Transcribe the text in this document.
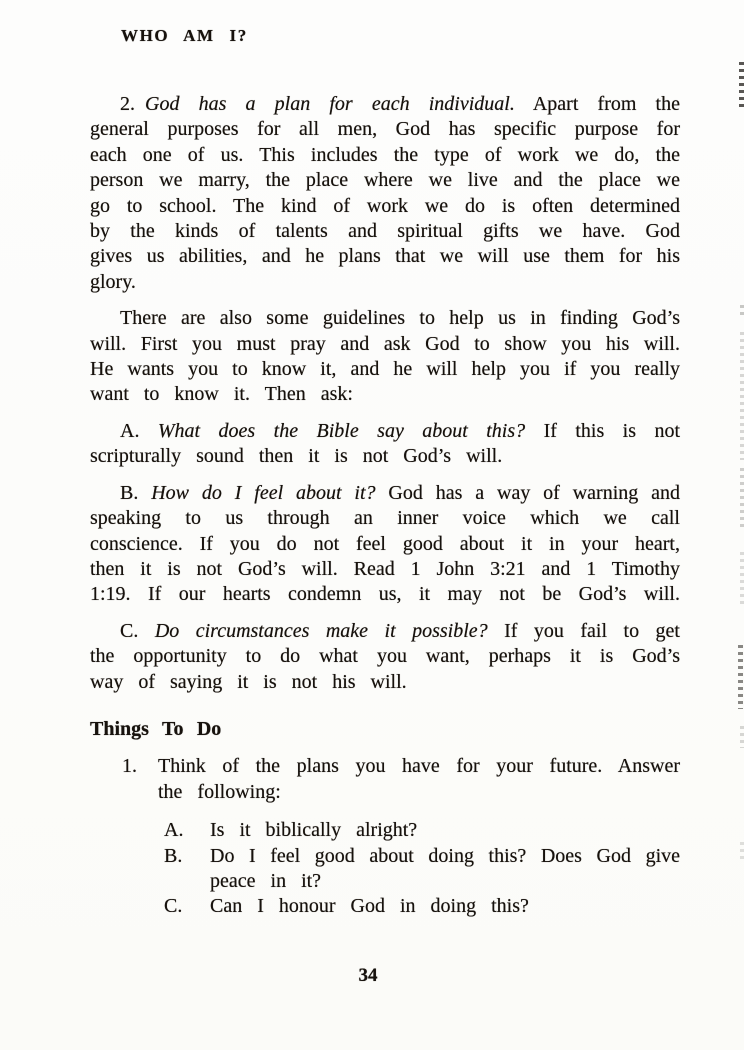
WHO AM I?
2. God has a plan for each individual. Apart from the
general purposes for all men, God has specific purpose for
each one of us. This includes the type of work we do, the
person we marry, the place where we live and the place we
go to school. The kind of work we do is often determined
by the kinds of talents and spiritual gifts we have. God
gives us abilities, and he plans that we will use them for his
glory.
There are also some guidelines to help us in finding God’s
will. First you must pray and ask God to show you his will.
He wants you to know it, and he will help you if you really
want to know it. Then ask:
A. What does the Bible say about this? If this is not
scripturally sound then it is not God’s will.
B. How do I feel about it? God has a way of warning and
speaking to us through an inner voice which we call
conscience. If you do not feel good about it in your heart,
then it is not God’s will. Read 1 John 3:21 and 1 Timothy
1:19. If our hearts condemn us, it may not be God’s will.
C. Do circumstances make it possible? If you fail to get
the opportunity to do what you want, perhaps it is God’s
way of saying it is not his will.
Things To Do
1. Think of the plans you have for your future. Answer
the following:
A. Is it biblically alright?
B. Do I feel good about doing this? Does God give
peace in it?
C. Can I honour God in doing this?
34
